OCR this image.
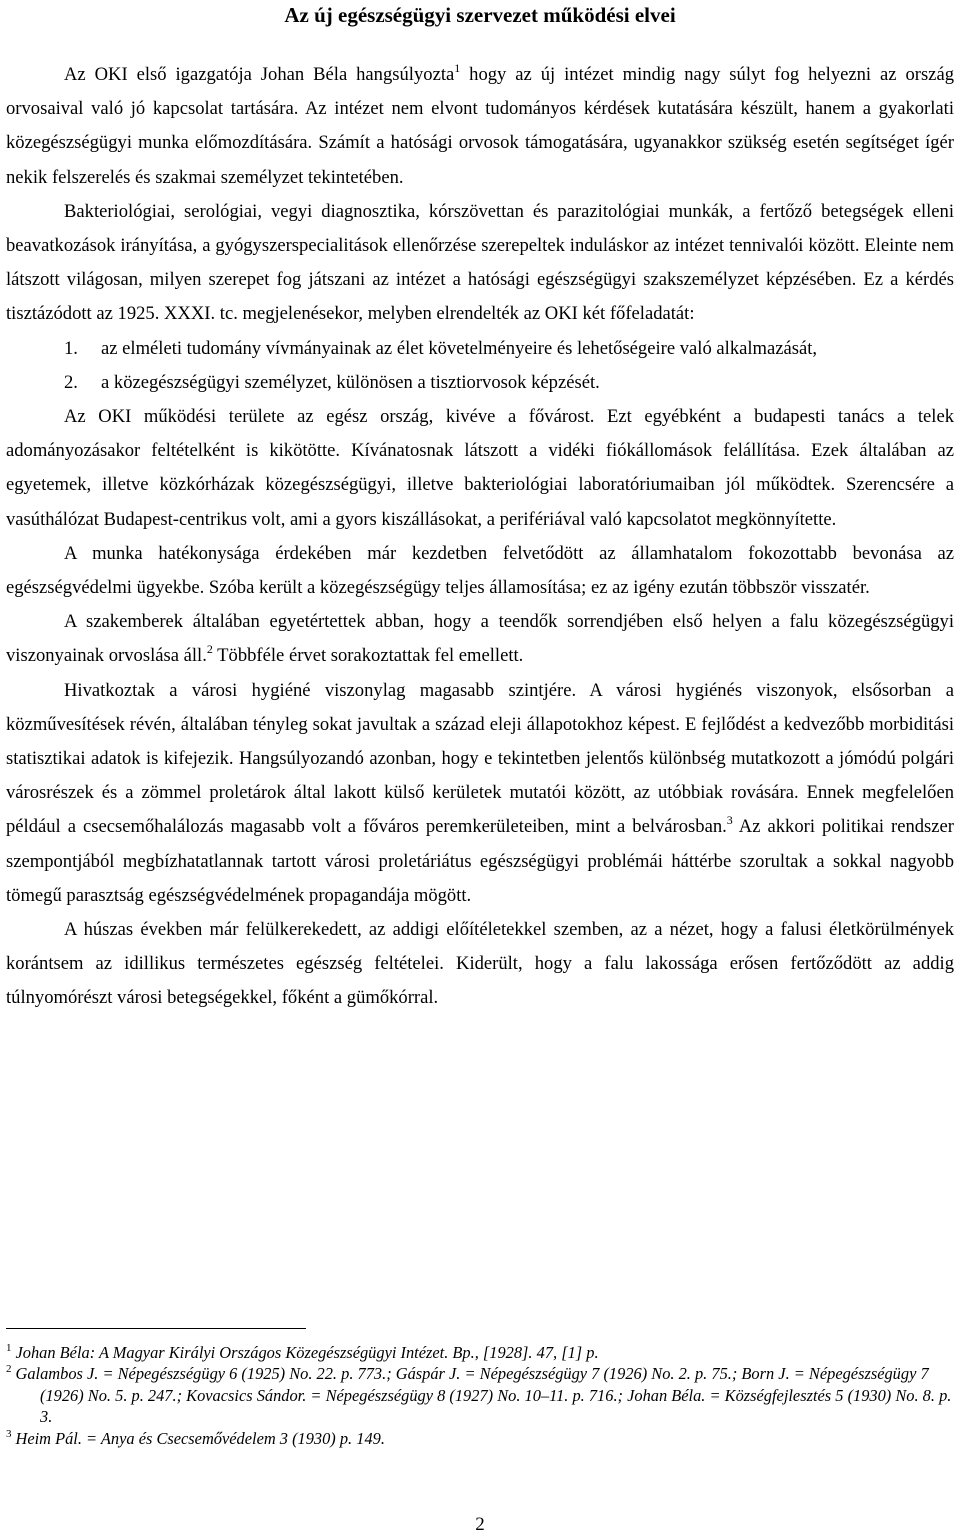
Az új egészségügyi szervezet működési elvei

Az OKI első igazgatója Johan Béla hangsúlyozta$^1$ hogy az új intézet mindig nagy súlyt fog helyezni az ország orvosaival való jó kapcsolat tartására. Az intézet nem elvont tudományos kérdések kutatására készült, hanem a gyakorlati közegészségügyi munka előmozdítására. Számít a hatósági orvosok támogatására, ugyanakkor szükség esetén segítséget ígér nekik felszerelés és szakmai személyzet tekintetében.

Bakteriológiai, serológiai, vegyi diagnosztika, kórszövettan és parazitológiai munkák, a fertőző betegségek elleni beavatkozások irányítása, a gyógyszerspecialitások ellenőrzése szerepeltek induláskor az intézet tennivalói között. Eleinte nem látszott világosan, milyen szerepet fog játszani az intézet a hatósági egészségügyi szakszemélyzet képzésében. Ez a kérdés tisztázódott az 1925. XXXI. tc. megjelenésekor, melyben elrendelték az OKI két főfeladatát:

1. az elméleti tudomány vívmányainak az élet követelményeire és lehetőségeire való alkalmazását,
2. a közegészségügyi személyzet, különösen a tisztiorvosok képzését.

Az OKI működési területe az egész ország, kivéve a fővárost. Ezt egyébként a budapesti tanács a telek adományozásakor feltételként is kikötötte. Kívánatosnak látszott a vidéki fiókállomások felállítása. Ezek általában az egyetemek, illetve közkórházak közegészségügyi, illetve bakteriológiai laboratóriumaiban jól működtek. Szerencsére a vasúthálózat Budapest-centrikus volt, ami a gyors kiszállásokat, a perifériával való kapcsolatot megkönnyítette.

A munka hatékonysága érdekében már kezdetben felvetődött az államhatalom fokozottabb bevonása az egészségvédelmi ügyekbe. Szóba került a közegészségügy teljes államosítása; ez az igény ezután többször visszatér.

A szakemberek általában egyetértettek abban, hogy a teendők sorrendjében első helyen a falu közegészségügyi viszonyainak orvoslása áll.$^2$ Többféle érvet sorakoztattak fel emellett.

Hivatkoztak a városi hygiéné viszonylag magasabb szintjére. A városi hygiénés viszonyok, elsősorban a közművesítések révén, általában tényleg sokat javultak a század eleji állapotokhoz képest. E fejlődést a kedvezőbb morbiditási statisztikai adatok is kifejezik. Hangsúlyozandó azonban, hogy e tekintetben jelentős különbség mutatkozott a jómódú polgári városrészek és a zömmel proletárok által lakott külső kerületek mutatói között, az utóbbiak rovására. Ennek megfelelően például a csecsemőhalálozás magasabb volt a főváros peremkerületeiben, mint a belvárosban.$^3$ Az akkori politikai rendszer szempontjából megbízhatatlannak tartott városi proletáriátus egészségügyi problémái háttérbe szorultak a sokkal nagyobb tömegű parasztság egészségvédelmének propagandája mögött.

A húszas években már felülkerekedett, az addigi előítéletekkel szemben, az a nézet, hogy a falusi életkörülmények korántsem az idillikus természetes egészség feltételei. Kiderült, hogy a falu lakossága erősen fertőződött az addig túlnyomórészt városi betegségekkel, főként a gümőkórral.

$^1$ Johan Béla: A Magyar Királyi Országos Közegészségügyi Intézet. Bp., [1928]. 47, [1] p.

$^2$ Galambos J. = Népegészségügy 6 (1925) No. 22. p. 773.; Gáspár J. = Népegészségügy 7 (1926) No. 2. p. 75.; Born J. = Népegészségügy 7 (1926) No. 5. p. 247.; Kovacsics Sándor. = Népegészségügy 8 (1927) No. 10–11. p. 716.; Johan Béla. = Községfejlesztés 5 (1930) No. 8. p. 3.

$^3$ Heim Pál. = Anya és Csecsemővédelem 3 (1930) p. 149.

2
